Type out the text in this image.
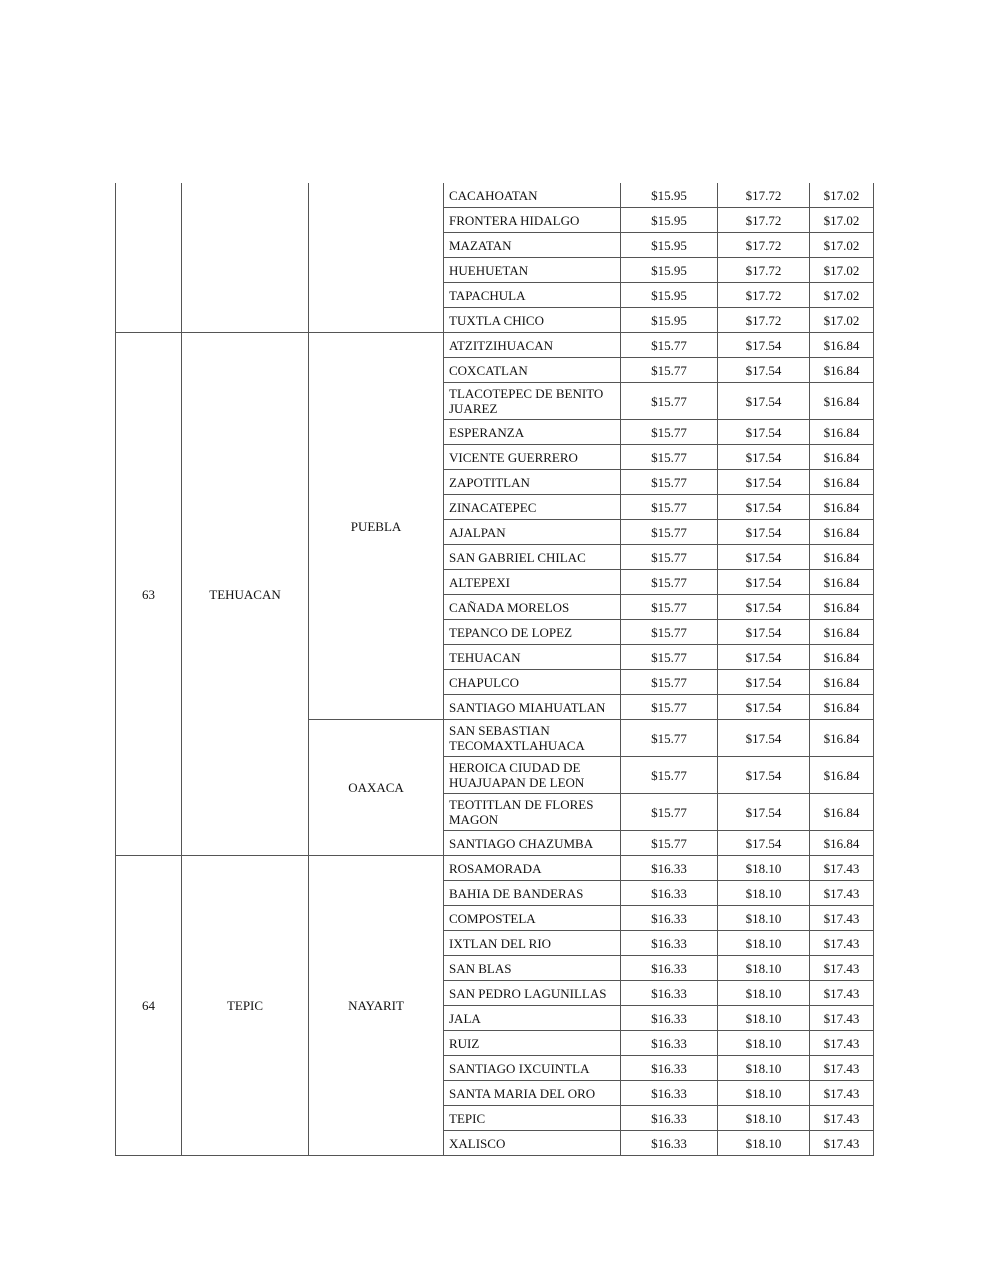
			CACAHOATAN	$15.95	$17.72	$17.02
			FRONTERA HIDALGO	$15.95	$17.72	$17.02
			MAZATAN	$15.95	$17.72	$17.02
			HUEHUETAN	$15.95	$17.72	$17.02
			TAPACHULA	$15.95	$17.72	$17.02
			TUXTLA CHICO	$15.95	$17.72	$17.02
63	TEHUACAN	PUEBLA	ATZITZIHUACAN	$15.77	$17.54	$16.84
			COXCATLAN	$15.77	$17.54	$16.84
			TLACOTEPEC DE BENITO JUAREZ	$15.77	$17.54	$16.84
			ESPERANZA	$15.77	$17.54	$16.84
			VICENTE GUERRERO	$15.77	$17.54	$16.84
			ZAPOTITLAN	$15.77	$17.54	$16.84
			ZINACATEPEC	$15.77	$17.54	$16.84
			AJALPAN	$15.77	$17.54	$16.84
			SAN GABRIEL CHILAC	$15.77	$17.54	$16.84
			ALTEPEXI	$15.77	$17.54	$16.84
			CAÑADA MORELOS	$15.77	$17.54	$16.84
			TEPANCO DE LOPEZ	$15.77	$17.54	$16.84
			TEHUACAN	$15.77	$17.54	$16.84
			CHAPULCO	$15.77	$17.54	$16.84
			SANTIAGO MIAHUATLAN	$15.77	$17.54	$16.84
		OAXACA	SAN SEBASTIAN TECOMAXTLAHUACA	$15.77	$17.54	$16.84
			HEROICA CIUDAD DE HUAJUAPAN DE LEON	$15.77	$17.54	$16.84
			TEOTITLAN DE FLORES MAGON	$15.77	$17.54	$16.84
			SANTIAGO CHAZUMBA	$15.77	$17.54	$16.84
64	TEPIC	NAYARIT	ROSAMORADA	$16.33	$18.10	$17.43
			BAHIA DE BANDERAS	$16.33	$18.10	$17.43
			COMPOSTELA	$16.33	$18.10	$17.43
			IXTLAN DEL RIO	$16.33	$18.10	$17.43
			SAN BLAS	$16.33	$18.10	$17.43
			SAN PEDRO LAGUNILLAS	$16.33	$18.10	$17.43
			JALA	$16.33	$18.10	$17.43
			RUIZ	$16.33	$18.10	$17.43
			SANTIAGO IXCUINTLA	$16.33	$18.10	$17.43
			SANTA MARIA DEL ORO	$16.33	$18.10	$17.43
			TEPIC	$16.33	$18.10	$17.43
			XALISCO	$16.33	$18.10	$17.43
